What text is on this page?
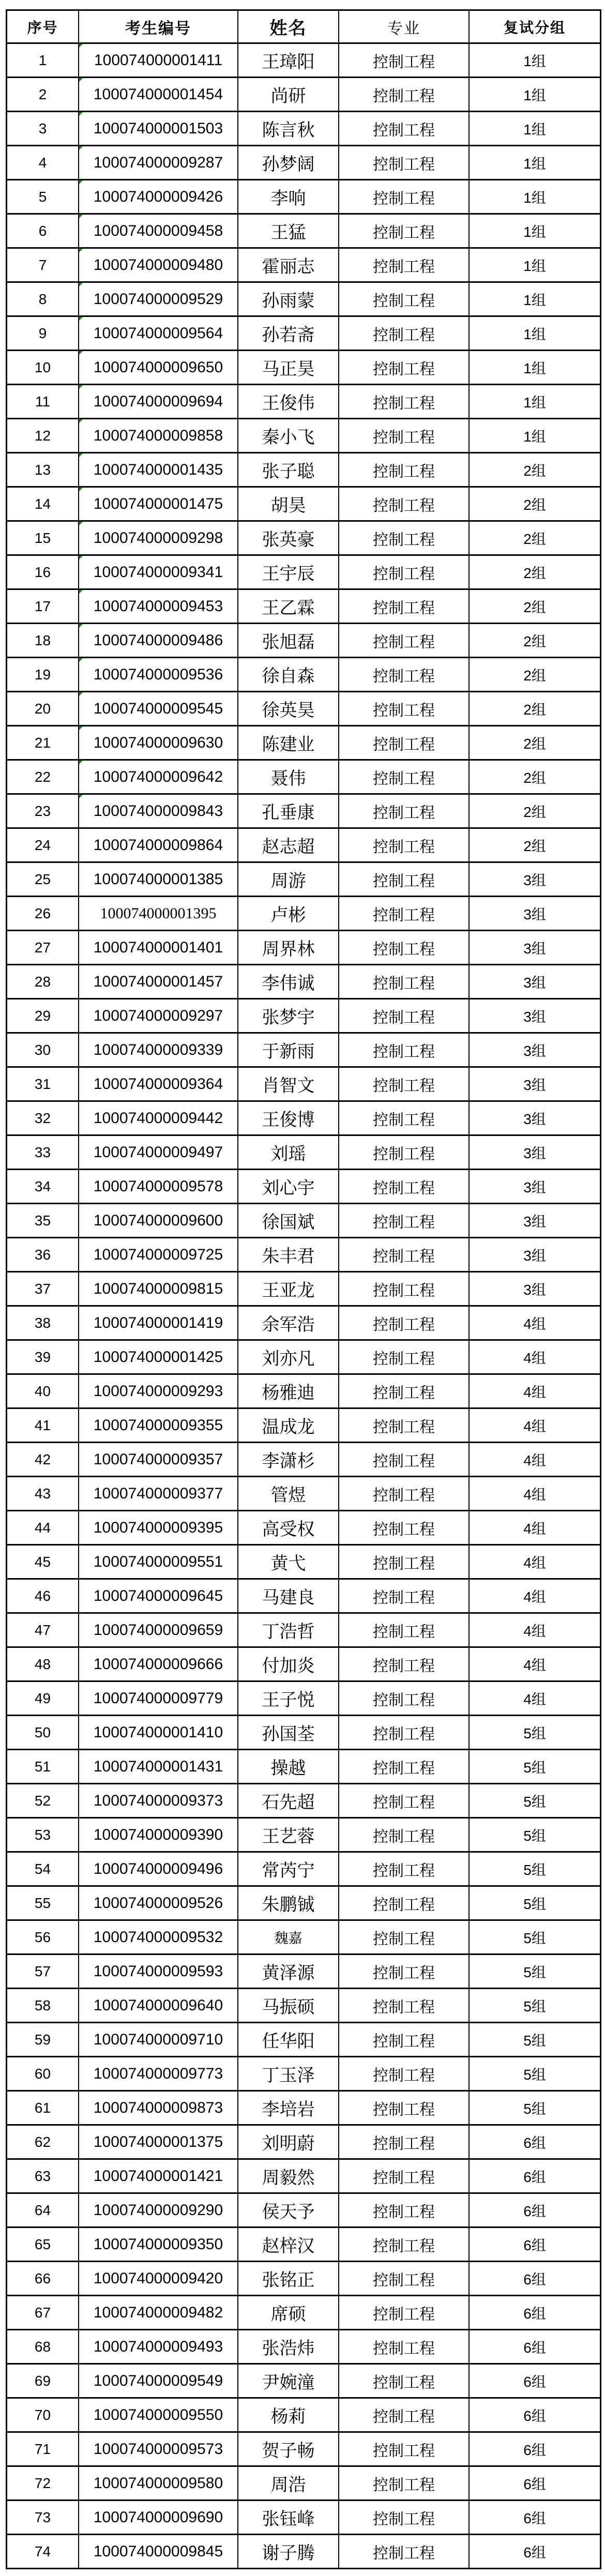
序号	考生编号	姓名	专业	复试分组
1	100074000001411	王璋阳	控制工程	1组
2	100074000001454	尚研	控制工程	1组
3	100074000001503	陈言秋	控制工程	1组
4	100074000009287	孙梦阔	控制工程	1组
5	100074000009426	李响	控制工程	1组
6	100074000009458	王猛	控制工程	1组
7	100074000009480	霍丽志	控制工程	1组
8	100074000009529	孙雨蒙	控制工程	1组
9	100074000009564	孙若斋	控制工程	1组
10	100074000009650	马正昊	控制工程	1组
11	100074000009694	王俊伟	控制工程	1组
12	100074000009858	秦小飞	控制工程	1组
13	100074000001435	张子聪	控制工程	2组
14	100074000001475	胡昊	控制工程	2组
15	100074000009298	张英豪	控制工程	2组
16	100074000009341	王宇辰	控制工程	2组
17	100074000009453	王乙霖	控制工程	2组
18	100074000009486	张旭磊	控制工程	2组
19	100074000009536	徐自森	控制工程	2组
20	100074000009545	徐英昊	控制工程	2组
21	100074000009630	陈建业	控制工程	2组
22	100074000009642	聂伟	控制工程	2组
23	100074000009843	孔垂康	控制工程	2组
24	100074000009864	赵志超	控制工程	2组
25	100074000001385	周游	控制工程	3组
26	100074000001395	卢彬	控制工程	3组
27	100074000001401	周界林	控制工程	3组
28	100074000001457	李伟诚	控制工程	3组
29	100074000009297	张梦宇	控制工程	3组
30	100074000009339	于新雨	控制工程	3组
31	100074000009364	肖智文	控制工程	3组
32	100074000009442	王俊博	控制工程	3组
33	100074000009497	刘瑶	控制工程	3组
34	100074000009578	刘心宇	控制工程	3组
35	100074000009600	徐国斌	控制工程	3组
36	100074000009725	朱丰君	控制工程	3组
37	100074000009815	王亚龙	控制工程	3组
38	100074000001419	余军浩	控制工程	4组
39	100074000001425	刘亦凡	控制工程	4组
40	100074000009293	杨雅迪	控制工程	4组
41	100074000009355	温成龙	控制工程	4组
42	100074000009357	李潇杉	控制工程	4组
43	100074000009377	管煜	控制工程	4组
44	100074000009395	高受权	控制工程	4组
45	100074000009551	黄弋	控制工程	4组
46	100074000009645	马建良	控制工程	4组
47	100074000009659	丁浩哲	控制工程	4组
48	100074000009666	付加炎	控制工程	4组
49	100074000009779	王子悦	控制工程	4组
50	100074000001410	孙国荃	控制工程	5组
51	100074000001431	操越	控制工程	5组
52	100074000009373	石先超	控制工程	5组
53	100074000009390	王艺蓉	控制工程	5组
54	100074000009496	常芮宁	控制工程	5组
55	100074000009526	朱鹏铖	控制工程	5组
56	100074000009532	魏嘉	控制工程	5组
57	100074000009593	黄泽源	控制工程	5组
58	100074000009640	马振硕	控制工程	5组
59	100074000009710	任华阳	控制工程	5组
60	100074000009773	丁玉泽	控制工程	5组
61	100074000009873	李培岩	控制工程	5组
62	100074000001375	刘明蔚	控制工程	6组
63	100074000001421	周毅然	控制工程	6组
64	100074000009290	侯天予	控制工程	6组
65	100074000009350	赵梓汉	控制工程	6组
66	100074000009420	张铭正	控制工程	6组
67	100074000009482	席硕	控制工程	6组
68	100074000009493	张浩炜	控制工程	6组
69	100074000009549	尹婉潼	控制工程	6组
70	100074000009550	杨莉	控制工程	6组
71	100074000009573	贺子畅	控制工程	6组
72	100074000009580	周浩	控制工程	6组
73	100074000009690	张钰峰	控制工程	6组
74	100074000009845	谢子腾	控制工程	6组
